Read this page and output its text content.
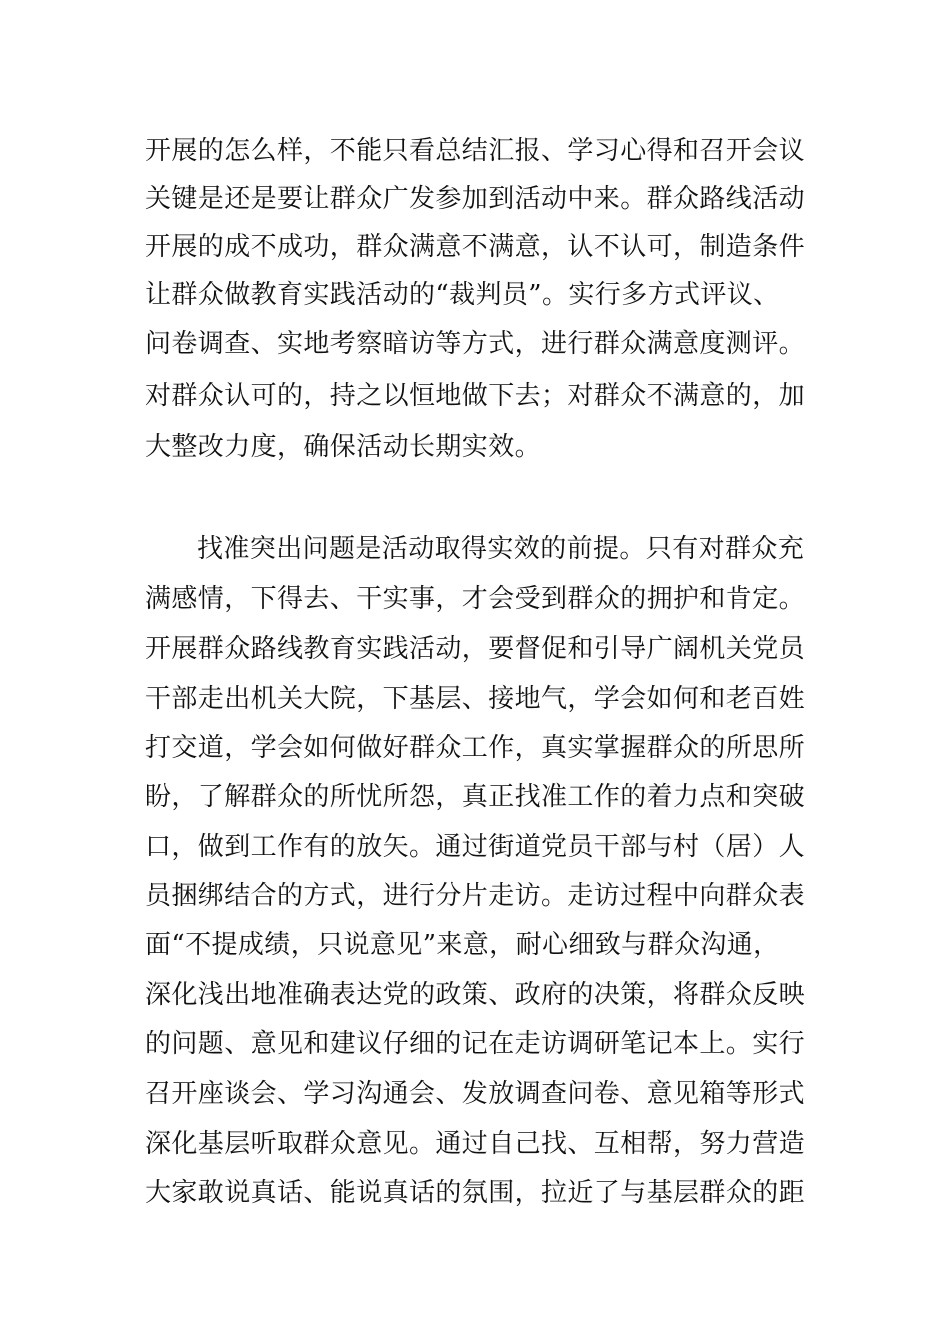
开展的怎么样，不能只看总结汇报、学习心得和召开会议
关键是还是要让群众广发参加到活动中来。群众路线活动
开展的成不成功，群众满意不满意，认不认可，制造条件
让群众做教育实践活动的“裁判员”。实行多方式评议、
问卷调查、实地考察暗访等方式，进行群众满意度测评。
对群众认可的，持之以恒地做下去；对群众不满意的，加
大整改力度，确保活动长期实效。
找准突出问题是活动取得实效的前提。只有对群众充
满感情，下得去、干实事，才会受到群众的拥护和肯定。
开展群众路线教育实践活动，要督促和引导广阔机关党员
干部走出机关大院，下基层、接地气，学会如何和老百姓
打交道，学会如何做好群众工作，真实掌握群众的所思所
盼，了解群众的所忧所怨，真正找准工作的着力点和突破
口，做到工作有的放矢。通过街道党员干部与村（居）人
员捆绑结合的方式，进行分片走访。走访过程中向群众表
面“不提成绩，只说意见”来意，耐心细致与群众沟通，
深化浅出地准确表达党的政策、政府的决策，将群众反映
的问题、意见和建议仔细的记在走访调研笔记本上。实行
召开座谈会、学习沟通会、发放调查问卷、意见箱等形式
深化基层听取群众意见。通过自己找、互相帮，努力营造
大家敢说真话、能说真话的氛围，拉近了与基层群众的距
